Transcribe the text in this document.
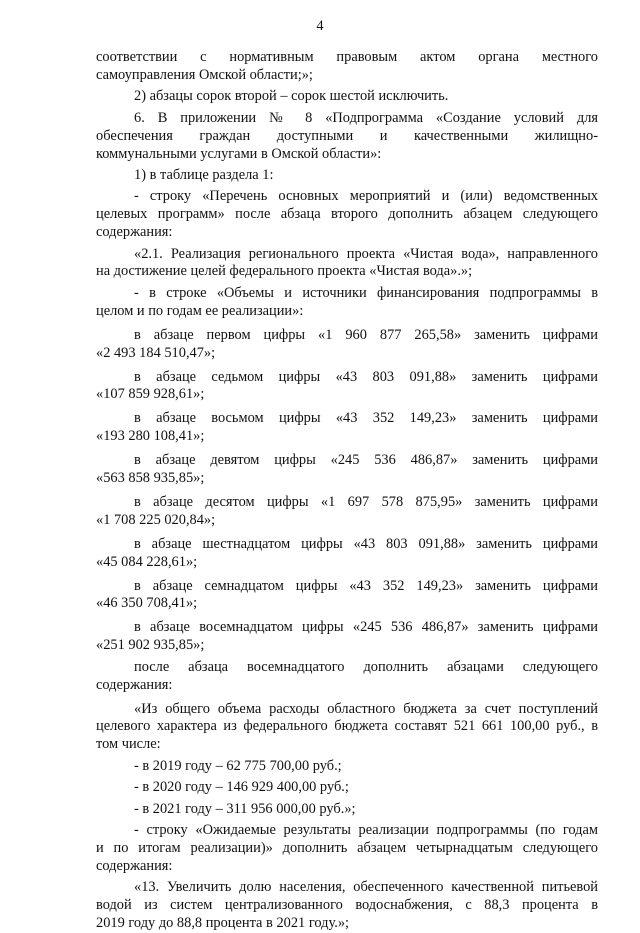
4
соответствии с нормативным правовым актом органа местного
самоуправления Омской области;»;
2) абзацы сорок второй – сорок шестой исключить.
6. В приложении № 8 «Подпрограмма «Создание условий для
обеспечения граждан доступными и качественными жилищно-
коммунальными услугами в Омской области»:
1) в таблице раздела 1:
- строку «Перечень основных мероприятий и (или) ведомственных
целевых программ» после абзаца второго дополнить абзацем следующего
содержания:
«2.1. Реализация регионального проекта «Чистая вода», направленного
на достижение целей федерального проекта «Чистая вода».»;
- в строке «Объемы и источники финансирования подпрограммы в
целом и по годам ее реализации»:
в абзаце первом цифры «1 960 877 265,58» заменить цифрами
«2 493 184 510,47»;
в абзаце седьмом цифры «43 803 091,88» заменить цифрами
«107 859 928,61»;
в абзаце восьмом цифры «43 352 149,23» заменить цифрами
«193 280 108,41»;
в абзаце девятом цифры «245 536 486,87» заменить цифрами
«563 858 935,85»;
в абзаце десятом цифры «1 697 578 875,95» заменить цифрами
«1 708 225 020,84»;
в абзаце шестнадцатом цифры «43 803 091,88» заменить цифрами
«45 084 228,61»;
в абзаце семнадцатом цифры «43 352 149,23» заменить цифрами
«46 350 708,41»;
в абзаце восемнадцатом цифры «245 536 486,87» заменить цифрами
«251 902 935,85»;
после абзаца восемнадцатого дополнить абзацами следующего
содержания:
«Из общего объема расходы областного бюджета за счет поступлений
целевого характера из федерального бюджета составят 521 661 100,00 руб., в
том числе:
- в 2019 году – 62 775 700,00 руб.;
- в 2020 году – 146 929 400,00 руб.;
- в 2021 году – 311 956 000,00 руб.»;
- строку «Ожидаемые результаты реализации подпрограммы (по годам
и по итогам реализации)» дополнить абзацем четырнадцатым следующего
содержания:
«13. Увеличить долю населения, обеспеченного качественной питьевой
водой из систем централизованного водоснабжения, с 88,3 процента в
2019 году до 88,8 процента в 2021 году.»;
